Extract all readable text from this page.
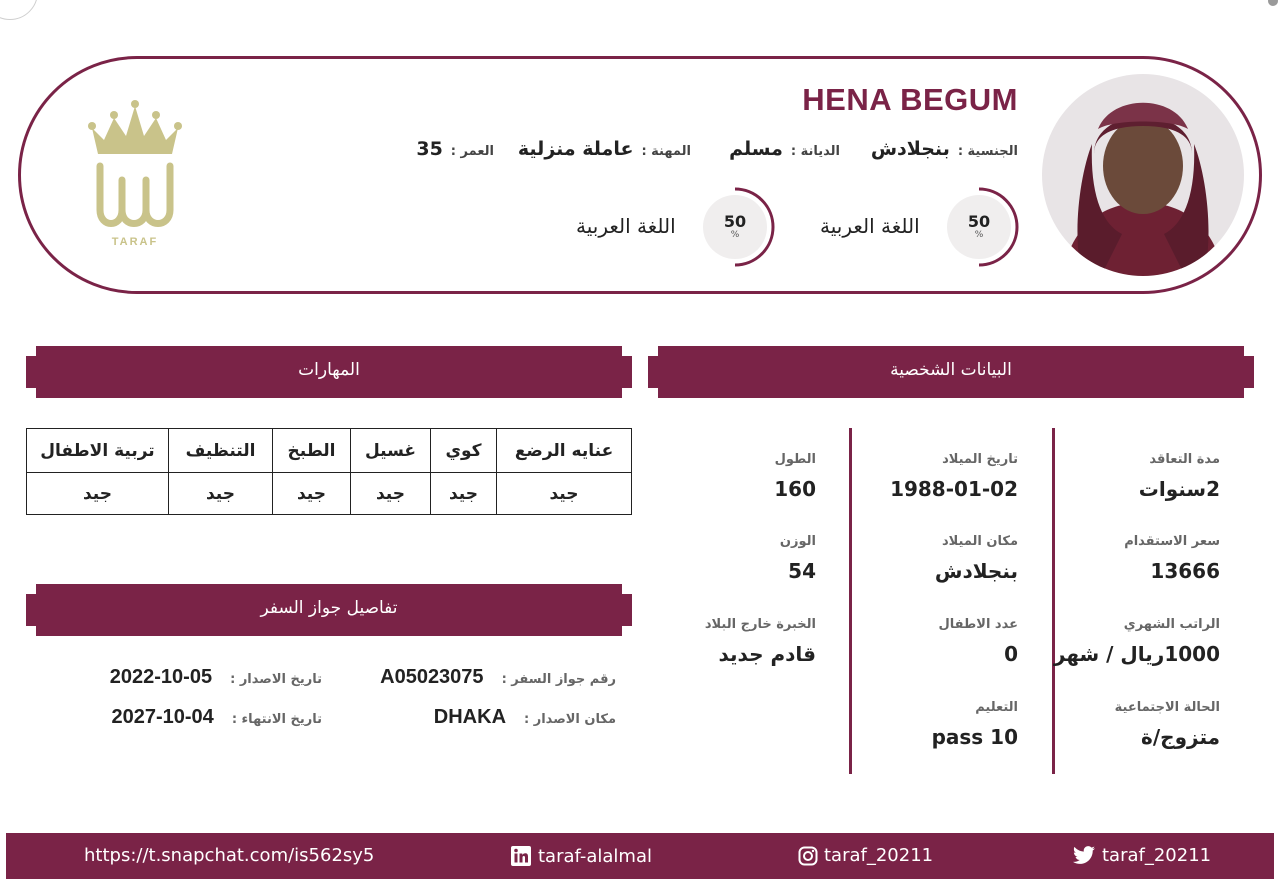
HENA BEGUM
الجنسية :
بنجلادش
الديانة :
مسلم
المهنة :
عاملة منزلية
العمر :
35
50
%
اللغة العربية
50
%
اللغة العربية
TARAF
البيانات الشخصية
المهارات
تفاصيل جواز السفر
مدة التعاقد
2سنوات
سعر الاستقدام
13666
الراتب الشهري
1000ريال / شهر
الحالة الاجتماعية
متزوج/ة
تاريخ الميلاد
1988-01-02
مكان الميلاد
بنجلادش
عدد الاطفال
0
التعليم
10 pass
الطول
160
الوزن
54
الخبرة خارج البلاد
قادم جديد
عنايه الرضع	كوي	غسيل	الطبخ	التنظيف	تربية الاطفال
جيد	جيد	جيد	جيد	جيد	جيد
رقم جواز السفر :
A05023075
تاريخ الاصدار :
2022-10-05
مكان الاصدار :
DHAKA
تاريخ الانتهاء :
2027-10-04
https://t.snapchat.com/is562sy5	taraf-alalmal	taraf_20211	taraf_20211
